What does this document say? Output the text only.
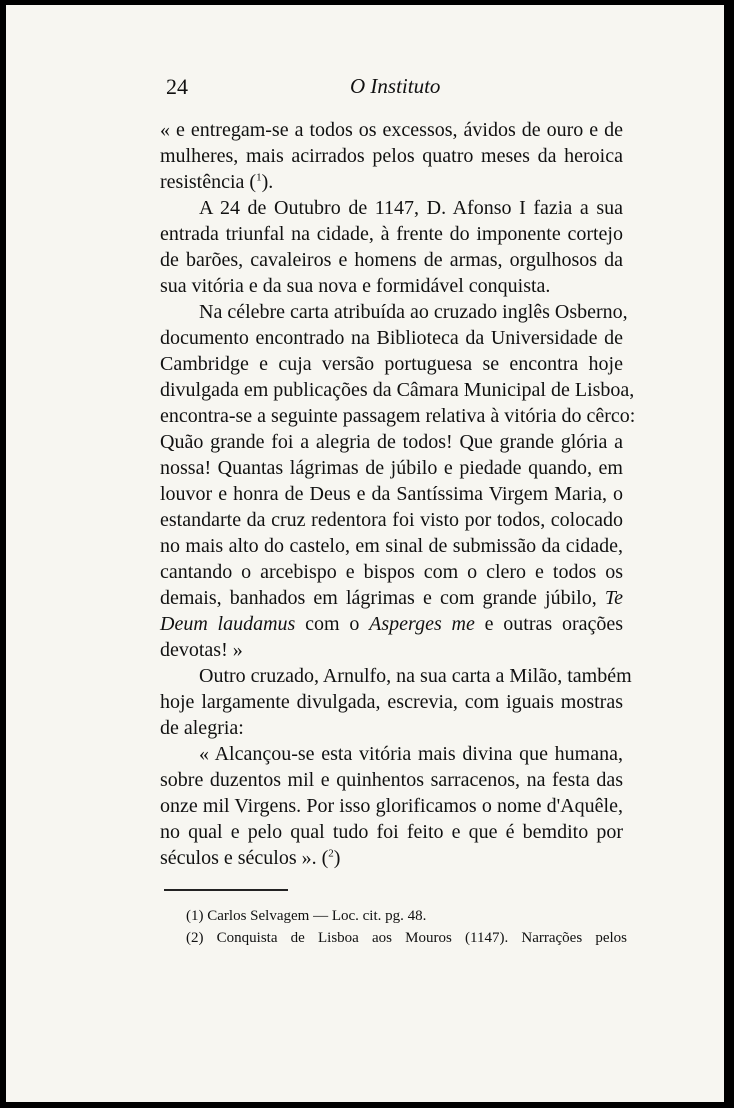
24	O Instituto

« e entregam-se a todos os excessos, ávidos de ouro e de
mulheres, mais acirrados pelos quatro meses da heroica
resistência ($^1$).

A 24 de Outubro de 1147, D. Afonso I fazia a sua
entrada triunfal na cidade, à frente do imponente cortejo
de barões, cavaleiros e homens de armas, orgulhosos da
sua vitória e da sua nova e formidável conquista.

Na célebre carta atribuída ao cruzado inglês Osberno,
documento encontrado na Biblioteca da Universidade de
Cambridge e cuja versão portuguesa se encontra hoje
divulgada em publicações da Câmara Municipal de Lisboa,
encontra-se a seguinte passagem relativa à vitória do cêrco:
Quão grande foi a alegria de todos! Que grande glória a
nossa! Quantas lágrimas de júbilo e piedade quando, em
louvor e honra de Deus e da Santíssima Virgem Maria, o
estandarte da cruz redentora foi visto por todos, colocado
no mais alto do castelo, em sinal de submissão da cidade,
cantando o arcebispo e bispos com o clero e todos os
demais, banhados em lágrimas e com grande júbilo, Te
Deum laudamus com o Asperges me e outras orações
devotas! »

Outro cruzado, Arnulfo, na sua carta a Milão, também
hoje largamente divulgada, escrevia, com iguais mostras
de alegria:

« Alcançou-se esta vitória mais divina que humana,
sobre duzentos mil e quinhentos sarracenos, na festa das
onze mil Virgens. Por isso glorificamos o nome d'Aquêle,
no qual e pelo qual tudo foi feito e que é bemdito por
séculos e séculos ». ($^2$)

(1) Carlos Selvagem — Loc. cit. pg. 48.
(2) Conquista de Lisboa aos Mouros (1147). Narrações pelos
